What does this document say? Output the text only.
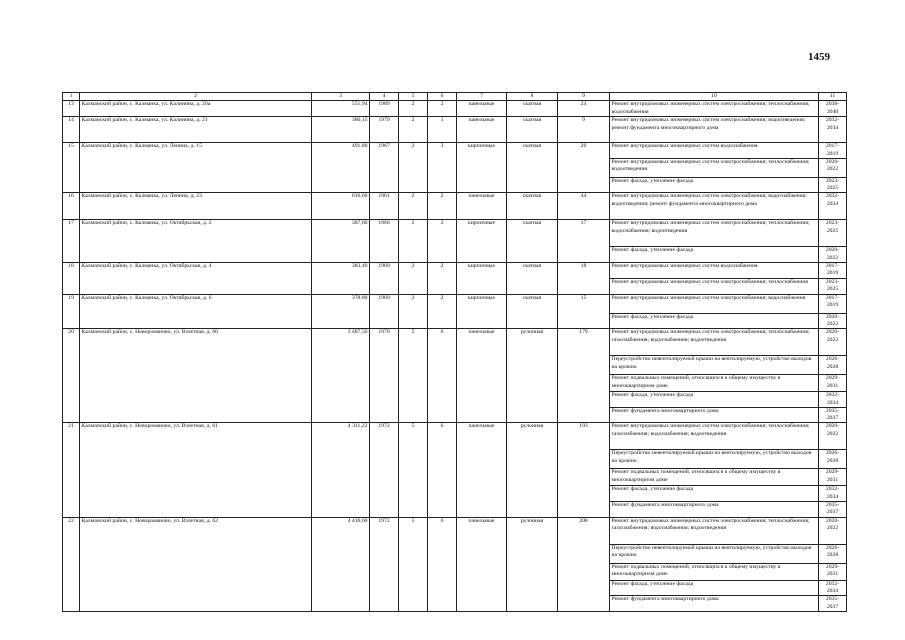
1459
1	2	3	4	5	6	7	8	9	10	11
13	Калманский район, с. Калманка, ул. Калинина, д. 20а	551,94	1989	2	2	панельные	скатная	24	Ремонт внутридомовых инженерных систем электроснабжения; теплоснабжения; водоснабжения	2038-2040
14	Калманский район, с. Калманка, ул. Калинина, д. 21	380,15	1979	2	1	панельные	скатная	9	Ремонт внутридомовых инженерных систем электроснабжения; водоотведения; ремонт фундамента многоквартирного дома	2032-2034
15	Калманский район, с. Калманка, ул. Ленина, д. 15	491,80	1967	2	3	кирпичные	скатная	26	Ремонт внутридомовых инженерных систем водоснабжения	2017-2019
									Ремонт внутридомовых инженерных систем электроснабжения; теплоснабжения; водоотведения	2020-2022
									Ремонт фасада, утепление фасада	2023-2025
16	Калманский район, с. Калманка, ул. Ленина, д. 23	616,60	1961	2	2	панельные	скатная	44	Ремонт внутридомовых инженерных систем электроснабжения; водоснабжения; водоотведения; ремонт фундамента многоквартирного дома	2032-2034
17	Калманский район, с. Калманка, ул. Октябрьская, д. 2	387,60	1960	2	2	кирпичные	скатная	17	Ремонт внутридомовых инженерных систем электроснабжения; теплоснабжения; водоснабжения; водоотведения	2023-2025
									Ремонт фасада, утепление фасада	2020-2022
18	Калманский район, с. Калманка, ул. Октябрьская, д. 4	383,40	1960	2	2	кирпичные	скатная	18	Ремонт внутридомовых инженерных систем водоснабжения	2017-2019
									Ремонт внутридомовых инженерных систем электроснабжения; теплоснабжения	2023-2025
19	Калманский район, с. Калманка, ул. Октябрьская, д. 6	378,80	1960	2	2	кирпичные	скатная	15	Ремонт внутридомовых инженерных систем электроснабжения; водоснабжения	2017-2019
									Ремонт фасада, утепление фасада	2020-2022
20	Калманский район, с. Новороманово, ул. Взлетная, д. 60	3 487,50	1970	5	6	панельные	рулонная	179	Ремонт внутридомовых инженерных систем электроснабжения; теплоснабжения; газоснабжения; водоснабжения; водоотведения	2020-2022
									Переустройство невентилируемой крыши на вентилируемую, устройство выходов на кровлю	2026-2028
									Ремонт подвальных помещений, относящихся к общему имуществу в многоквартирном доме	2029-2031
									Ремонт фасада, утепление фасада	2032-2034
									Ремонт фундамента многоквартирного дома	2035-2037
21	Калманский район, с. Новороманово, ул. Взлетная, д. 61	4 311,22	1972	5	6	панельные	рулонная	193	Ремонт внутридомовых инженерных систем электроснабжения; теплоснабжения; газоснабжения; водоснабжения; водоотведения	2020-2022
									Переустройство невентилируемой крыши на вентилируемую, устройство выходов на кровлю	2026-2028
									Ремонт подвальных помещений, относящихся к общему имуществу в многоквартирном доме	2029-2031
									Ремонт фасада, утепление фасада	2032-2034
									Ремонт фундамента многоквартирного дома	2035-2037
22	Калманский район, с. Новороманово, ул. Взлетная, д. 62	4 416,60	1972	5	6	панельные	рулонная	208	Ремонт внутридомовых инженерных систем электроснабжения; теплоснабжения; газоснабжения; водоснабжения; водоотведения	2020-2022
									Переустройство невентилируемой крыши на вентилируемую, устройство выходов на кровлю	2026-2028
									Ремонт подвальных помещений, относящихся к общему имуществу в многоквартирном доме	2029-2031
									Ремонт фасада, утепление фасада	2032-2034
									Ремонт фундамента многоквартирного дома	2035-2037
